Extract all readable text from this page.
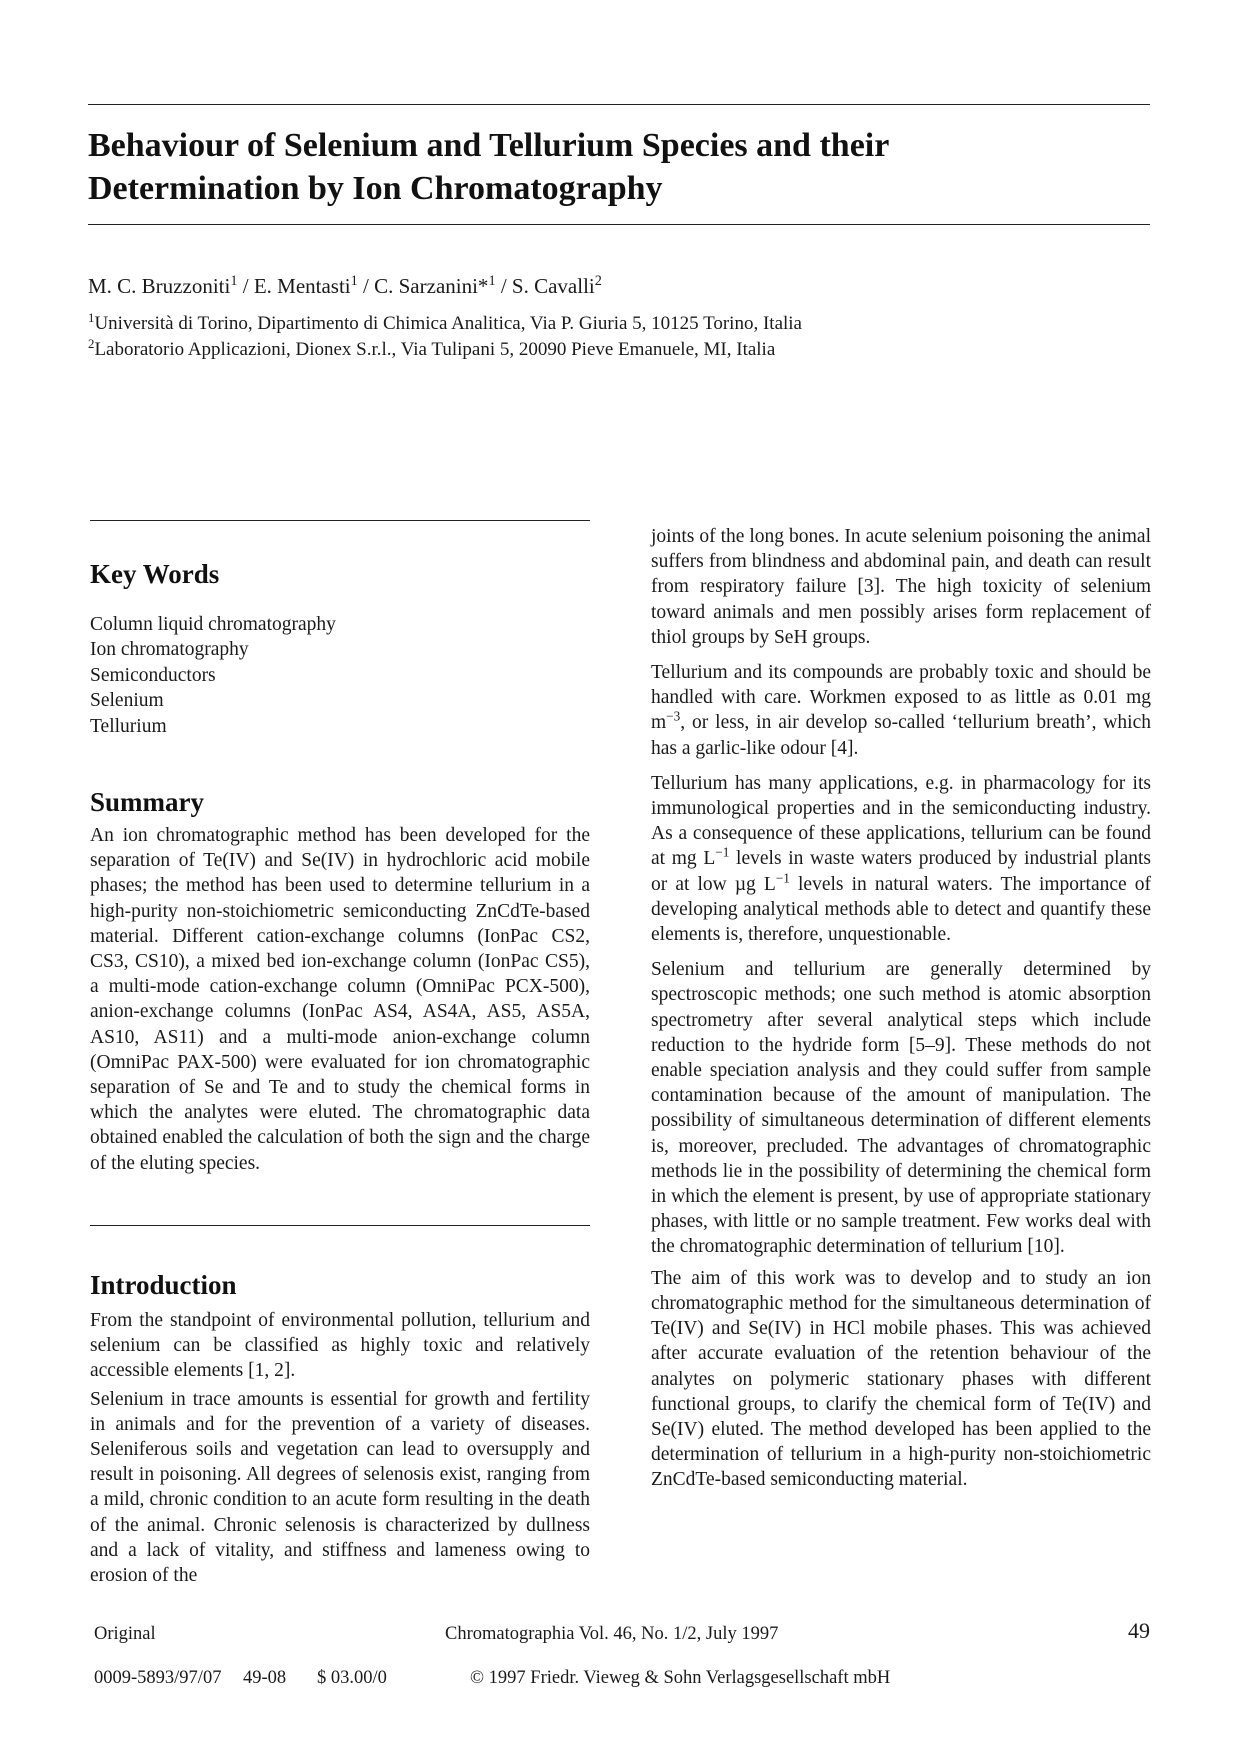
Behaviour of Selenium and Tellurium Species and their
Determination by Ion Chromatography
M. C. Bruzzoniti$^1$ / E. Mentasti$^1$ / C. Sarzanini*$^1$ / S. Cavalli$^2$
$^1$Università di Torino, Dipartimento di Chimica Analitica, Via P. Giuria 5, 10125 Torino, Italia
$^2$Laboratorio Applicazioni, Dionex S.r.l., Via Tulipani 5, 20090 Pieve Emanuele, MI, Italia
Key Words
Column liquid chromatography
Ion chromatography
Semiconductors
Selenium
Tellurium
Summary

An ion chromatographic method has been developed for the separation of Te(IV) and Se(IV) in hydrochloric acid mobile phases; the method has been used to determine tellurium in a high-purity non-stoichiometric semiconducting ZnCdTe-based material. Different cation-exchange columns (IonPac CS2, CS3, CS10), a mixed bed ion-exchange column (IonPac CS5), a multi-mode cation-exchange column (OmniPac PCX-500), anion-exchange columns (IonPac AS4, AS4A, AS5, AS5A, AS10, AS11) and a multi-mode anion-exchange column (OmniPac PAX-500) were evaluated for ion chromatographic separation of Se and Te and to study the chemical forms in which the analytes were eluted. The chromatographic data obtained enabled the calculation of both the sign and the charge of the eluting species.

Introduction

From the standpoint of environmental pollution, tellurium and selenium can be classified as highly toxic and relatively accessible elements [1, 2].

Selenium in trace amounts is essential for growth and fertility in animals and for the prevention of a variety of diseases. Seleniferous soils and vegetation can lead to oversupply and result in poisoning. All degrees of selenosis exist, ranging from a mild, chronic condition to an acute form resulting in the death of the animal. Chronic selenosis is characterized by dullness and a lack of vitality, and stiffness and lameness owing to erosion of the

joints of the long bones. In acute selenium poisoning the animal suffers from blindness and abdominal pain, and death can result from respiratory failure [3]. The high toxicity of selenium toward animals and men possibly arises form replacement of thiol groups by SeH groups.

Tellurium and its compounds are probably toxic and should be handled with care. Workmen exposed to as little as 0.01 mg $m^{-3}$, or less, in air develop so-called ‘tellurium breath’, which has a garlic-like odour [4].

Tellurium has many applications, e.g. in pharmacology for its immunological properties and in the semiconducting industry. As a consequence of these applications, tellurium can be found at mg $L^{-1}$ levels in waste waters produced by industrial plants or at low µg $L^{-1}$ levels in natural waters. The importance of developing analytical methods able to detect and quantify these elements is, therefore, unquestionable.

Selenium and tellurium are generally determined by spectroscopic methods; one such method is atomic absorption spectrometry after several analytical steps which include reduction to the hydride form [5–9]. These methods do not enable speciation analysis and they could suffer from sample contamination because of the amount of manipulation. The possibility of simultaneous determination of different elements is, moreover, precluded. The advantages of chromatographic methods lie in the possibility of determining the chemical form in which the element is present, by use of appropriate stationary phases, with little or no sample treatment. Few works deal with the chromatographic determination of tellurium [10].

The aim of this work was to develop and to study an ion chromatographic method for the simultaneous determination of Te(IV) and Se(IV) in HCl mobile phases. This was achieved after accurate evaluation of the retention behaviour of the analytes on polymeric stationary phases with different functional groups, to clarify the chemical form of Te(IV) and Se(IV) eluted. The method developed has been applied to the determination of tellurium in a high-purity non-stoichiometric ZnCdTe-based semiconducting material.

Original	Chromatographia Vol. 46, No. 1/2, July 1997	49
0009-5893/97/07 49-08 $ 03.00/0	© 1997 Friedr. Vieweg & Sohn Verlagsgesellschaft mbH
